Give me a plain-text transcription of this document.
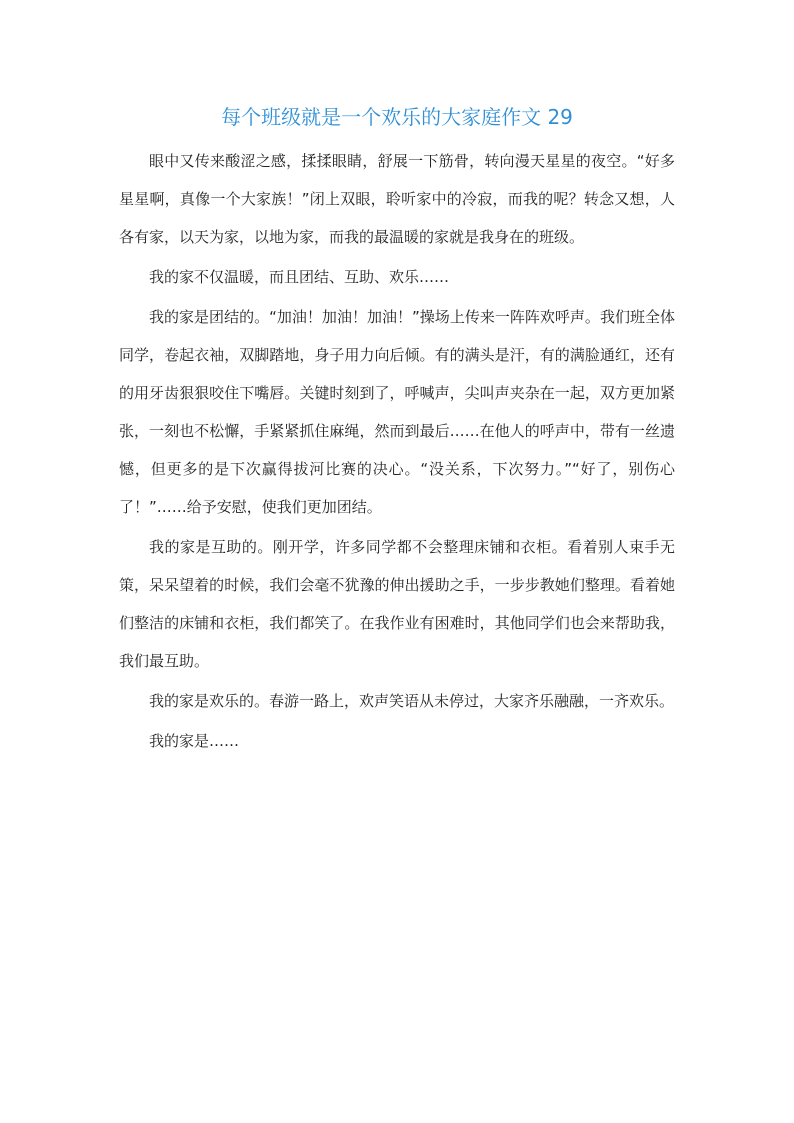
每个班级就是一个欢乐的大家庭作文 29

眼中又传来酸涩之感，揉揉眼睛，舒展一下筋骨，转向漫天星星的夜空。“好多星星啊，真像一个大家族！”闭上双眼，聆听家中的冷寂，而我的呢？转念又想，人各有家，以天为家，以地为家，而我的最温暖的家就是我身在的班级。

我的家不仅温暖，而且团结、互助、欢乐……

我的家是团结的。“加油！加油！加油！”操场上传来一阵阵欢呼声。我们班全体同学，卷起衣袖，双脚踏地，身子用力向后倾。有的满头是汗，有的满脸通红，还有的用牙齿狠狠咬住下嘴唇。关键时刻到了，呼喊声，尖叫声夹杂在一起，双方更加紧张，一刻也不松懈，手紧紧抓住麻绳，然而到最后……在他人的呼声中，带有一丝遗憾，但更多的是下次赢得拔河比赛的决心。“没关系，下次努力。”“好了，别伤心了！”……给予安慰，使我们更加团结。

我的家是互助的。刚开学，许多同学都不会整理床铺和衣柜。看着别人束手无策，呆呆望着的时候，我们会毫不犹豫的伸出援助之手，一步步教她们整理。看着她们整洁的床铺和衣柜，我们都笑了。在我作业有困难时，其他同学们也会来帮助我，我们最互助。

我的家是欢乐的。春游一路上，欢声笑语从未停过，大家齐乐融融，一齐欢乐。

我的家是……
